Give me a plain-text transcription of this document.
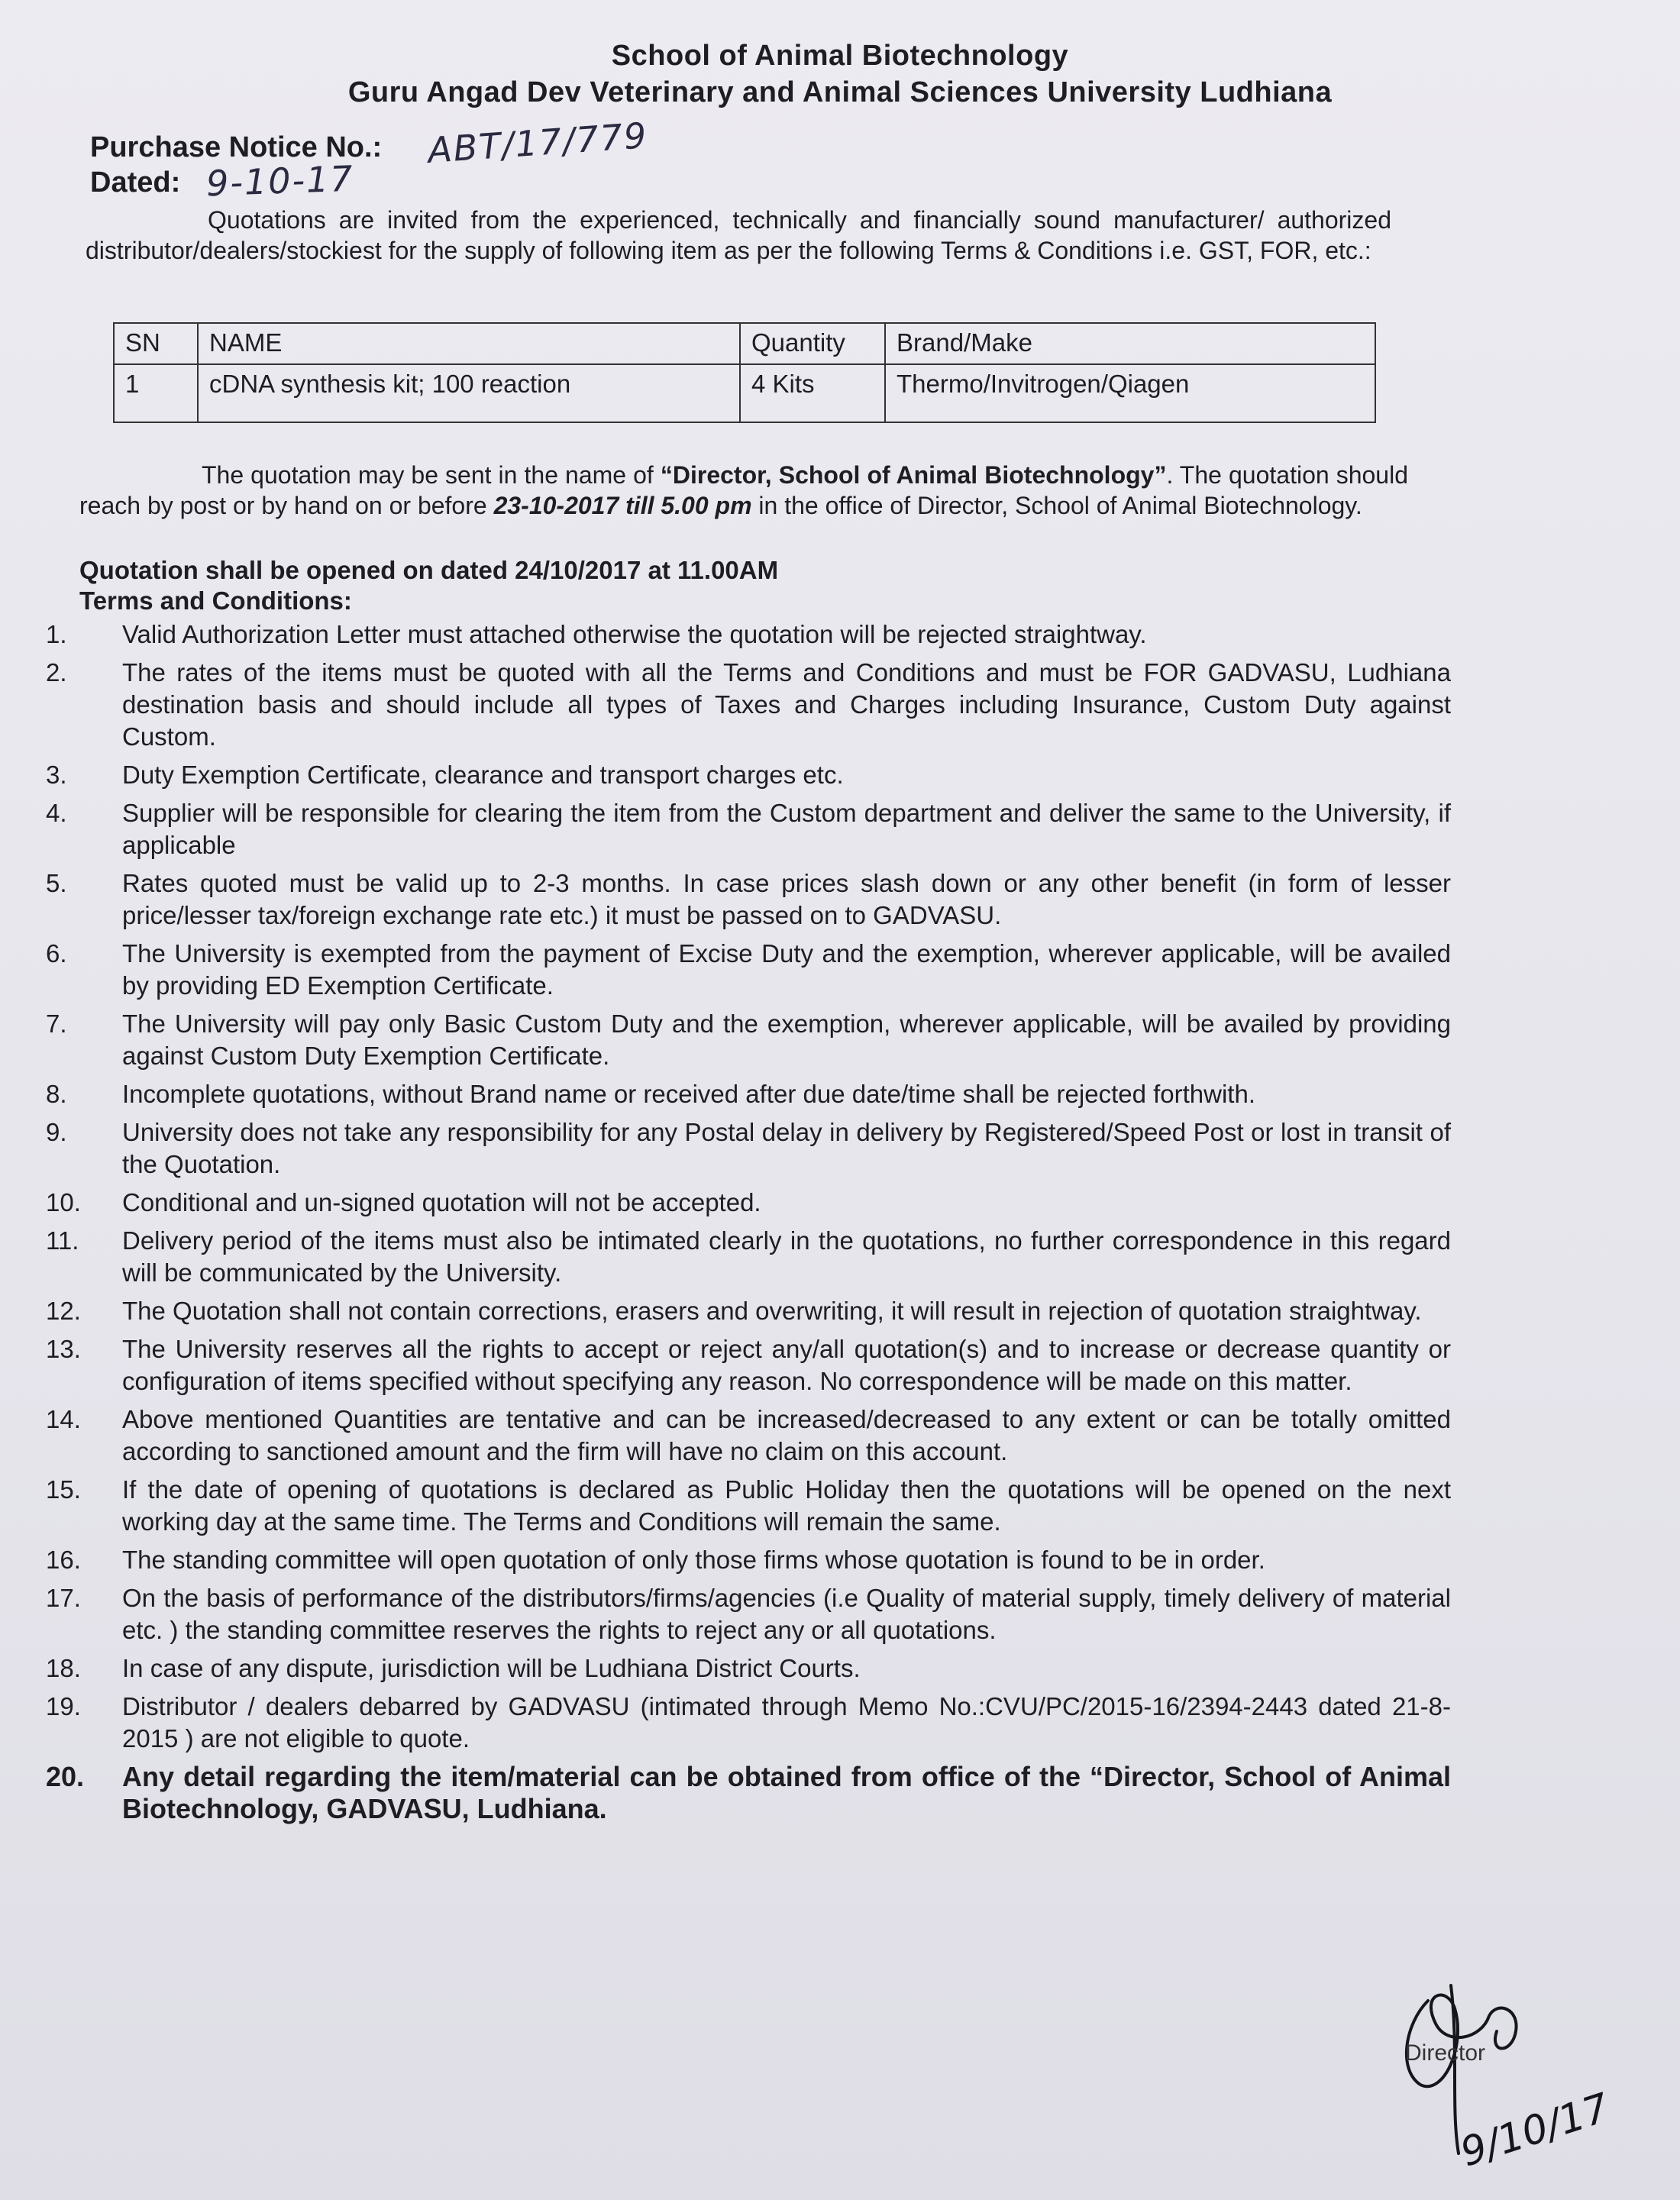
School of Animal Biotechnology
Guru Angad Dev Veterinary and Animal Sciences University Ludhiana
Purchase Notice No.: ABT/17/779
Dated: 9-10-17
Quotations are invited from the experienced, technically and financially sound manufacturer/ authorized distributor/dealers/stockiest for the supply of following item as per the following Terms & Conditions i.e. GST, FOR, etc.:
SN	NAME	Quantity	Brand/Make
1	cDNA synthesis kit; 100 reaction	4 Kits	Thermo/Invitrogen/Qiagen
The quotation may be sent in the name of “Director, School of Animal Biotechnology”. The quotation should reach by post or by hand on or before 23-10-2017 till 5.00 pm in the office of Director, School of Animal Biotechnology.
Quotation shall be opened on dated 24/10/2017 at 11.00AM
Terms and Conditions:
1.	Valid Authorization Letter must attached otherwise the quotation will be rejected straightway.
2.	The rates of the items must be quoted with all the Terms and Conditions and must be FOR GADVASU, Ludhiana destination basis and should include all types of Taxes and Charges including Insurance, Custom Duty against Custom.
3.	Duty Exemption Certificate, clearance and transport charges etc.
4.	Supplier will be responsible for clearing the item from the Custom department and deliver the same to the University, if applicable
5.	Rates quoted must be valid up to 2-3 months. In case prices slash down or any other benefit (in form of lesser price/lesser tax/foreign exchange rate etc.) it must be passed on to GADVASU.
6.	The University is exempted from the payment of Excise Duty and the exemption, wherever applicable, will be availed by providing ED Exemption Certificate.
7.	The University will pay only Basic Custom Duty and the exemption, wherever applicable, will be availed by providing against Custom Duty Exemption Certificate.
8.	Incomplete quotations, without Brand name or received after due date/time shall be rejected forthwith.
9.	University does not take any responsibility for any Postal delay in delivery by Registered/Speed Post or lost in transit of the Quotation.
10.	Conditional and un-signed quotation will not be accepted.
11.	Delivery period of the items must also be intimated clearly in the quotations, no further correspondence in this regard will be communicated by the University.
12.	The Quotation shall not contain corrections, erasers and overwriting, it will result in rejection of quotation straightway.
13.	The University reserves all the rights to accept or reject any/all quotation(s) and to increase or decrease quantity or configuration of items specified without specifying any reason. No correspondence will be made on this matter.
14.	Above mentioned Quantities are tentative and can be increased/decreased to any extent or can be totally omitted according to sanctioned amount and the firm will have no claim on this account.
15.	If the date of opening of quotations is declared as Public Holiday then the quotations will be opened on the next working day at the same time. The Terms and Conditions will remain the same.
16.	The standing committee will open quotation of only those firms whose quotation is found to be in order.
17.	On the basis of performance of the distributors/firms/agencies (i.e Quality of material supply, timely delivery of material etc. ) the standing committee reserves the rights to reject any or all quotations.
18.	In case of any dispute, jurisdiction will be Ludhiana District Courts.
19.	Distributor / dealers debarred by GADVASU (intimated through Memo No.:CVU/PC/2015-16/2394-2443 dated 21-8-2015 ) are not eligible to quote.
20.	Any detail regarding the item/material can be obtained from office of the “Director, School of Animal Biotechnology, GADVASU, Ludhiana.
Director
9/10/17
